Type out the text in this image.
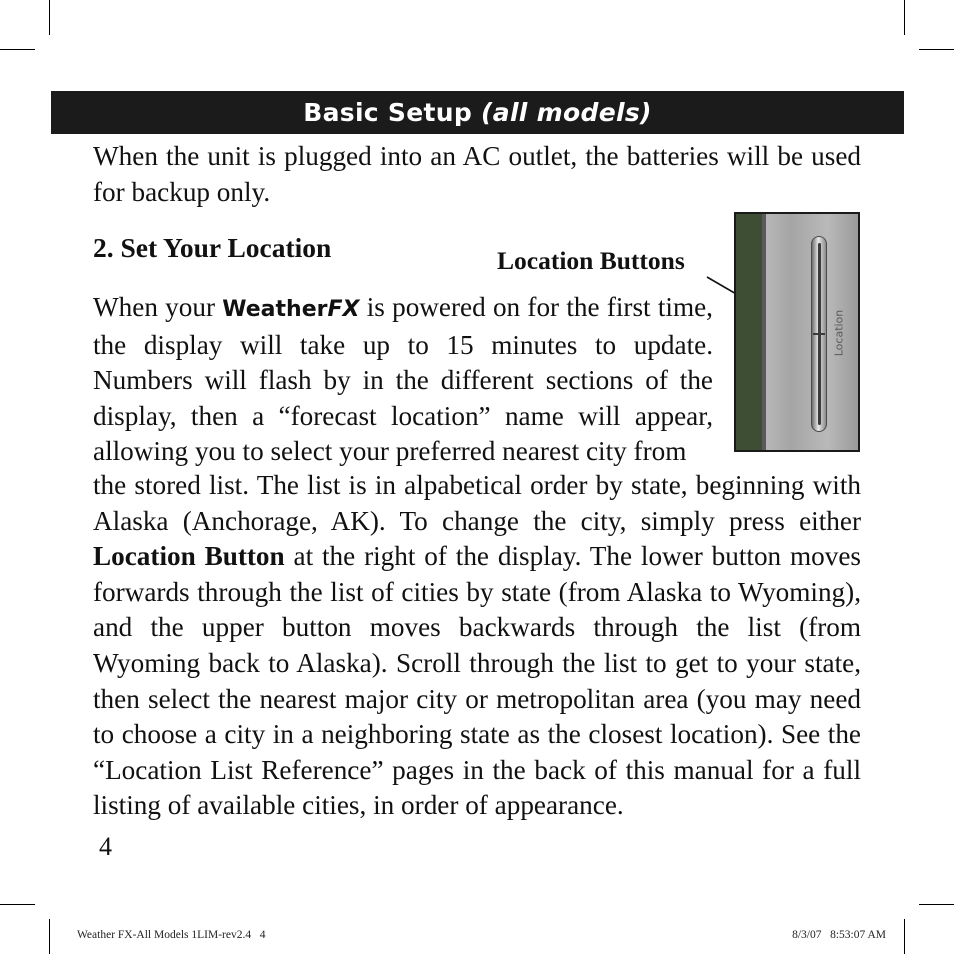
Basic Setup (all models)

When the unit is plugged into an AC outlet, the batteries will be used for backup only.

2. Set Your Location	Location Buttons
Location

When your WeatherFX is powered on for the first time, the display will take up to 15 minutes to update. Numbers will flash by in the different sections of the display, then a “forecast location” name will appear, allowing you to select your preferred nearest city from

the stored list. The list is in alpabetical order by state, beginning with Alaska (Anchorage, AK). To change the city, simply press either Location Button at the right of the display. The lower button moves forwards through the list of cities by state (from Alaska to Wyoming), and the upper button moves backwards through the list (from Wyoming back to Alaska). Scroll through the list to get to your state, then select the nearest major city or metropolitan area (you may need to choose a city in a neighboring state as the closest location). See the “Location List Reference” pages in the back of this manual for a full listing of available cities, in order of appearance.

4
Weather FX-All Models 1LIM-rev2.4   4	8/3/07   8:53:07 AM
